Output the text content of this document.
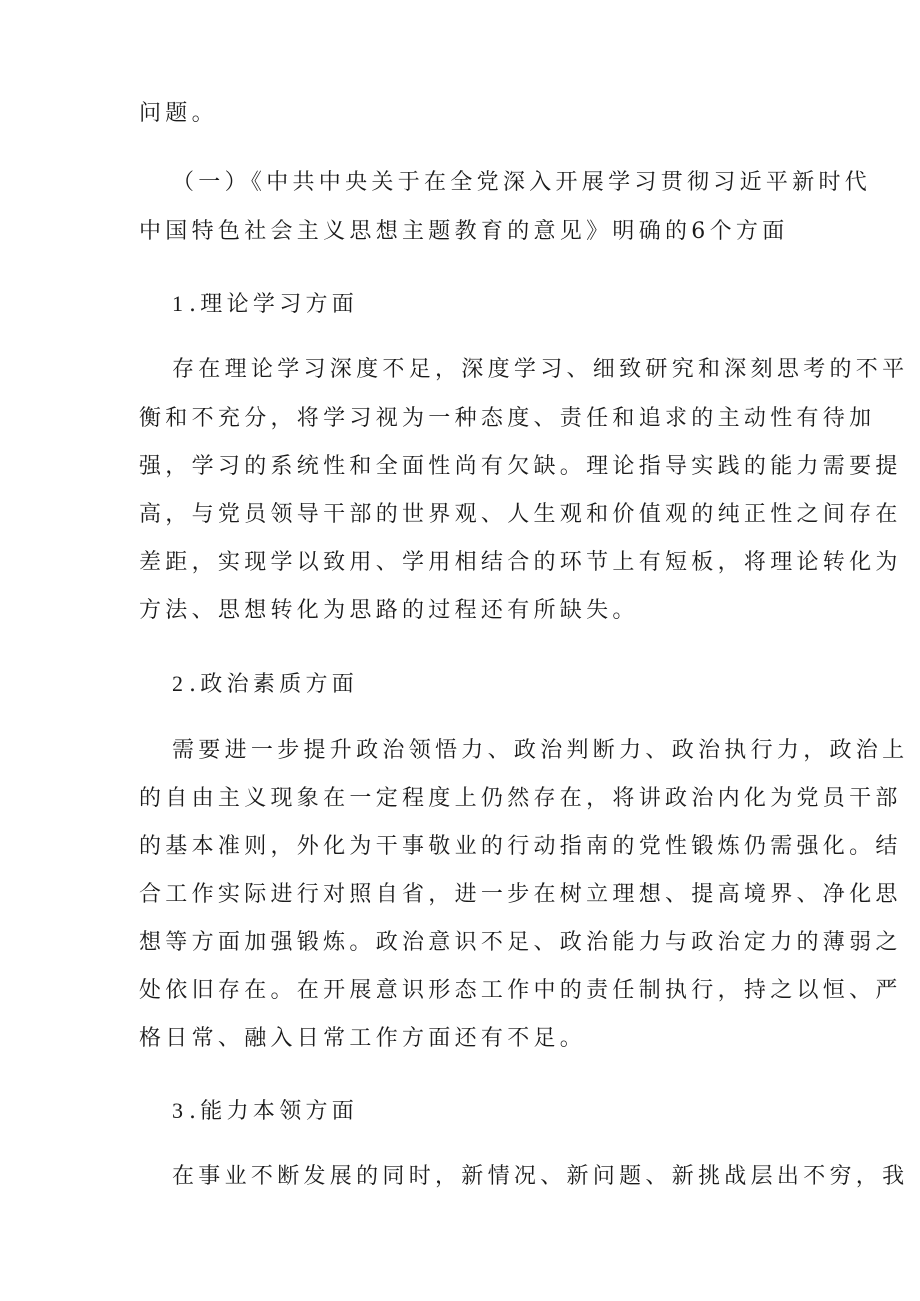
问题。
（一）《中共中央关于在全党深入开展学习贯彻习近平新时代
中国特色社会主义思想主题教育的意见》明确的6个方面
1 .理论学习方面
存在理论学习深度不足，深度学习、细致研究和深刻思考的不平
衡和不充分，将学习视为一种态度、责任和追求的主动性有待加
强，学习的系统性和全面性尚有欠缺。理论指导实践的能力需要提
高，与党员领导干部的世界观、人生观和价值观的纯正性之间存在
差距，实现学以致用、学用相结合的环节上有短板，将理论转化为
方法、思想转化为思路的过程还有所缺失。
2 .政治素质方面
需要进一步提升政治领悟力、政治判断力、政治执行力，政治上
的自由主义现象在一定程度上仍然存在，将讲政治内化为党员干部
的基本准则，外化为干事敬业的行动指南的党性锻炼仍需强化。结
合工作实际进行对照自省，进一步在树立理想、提高境界、净化思
想等方面加强锻炼。政治意识不足、政治能力与政治定力的薄弱之
处依旧存在。在开展意识形态工作中的责任制执行，持之以恒、严
格日常、融入日常工作方面还有不足。
3 .能力本领方面
在事业不断发展的同时，新情况、新问题、新挑战层出不穷，我
